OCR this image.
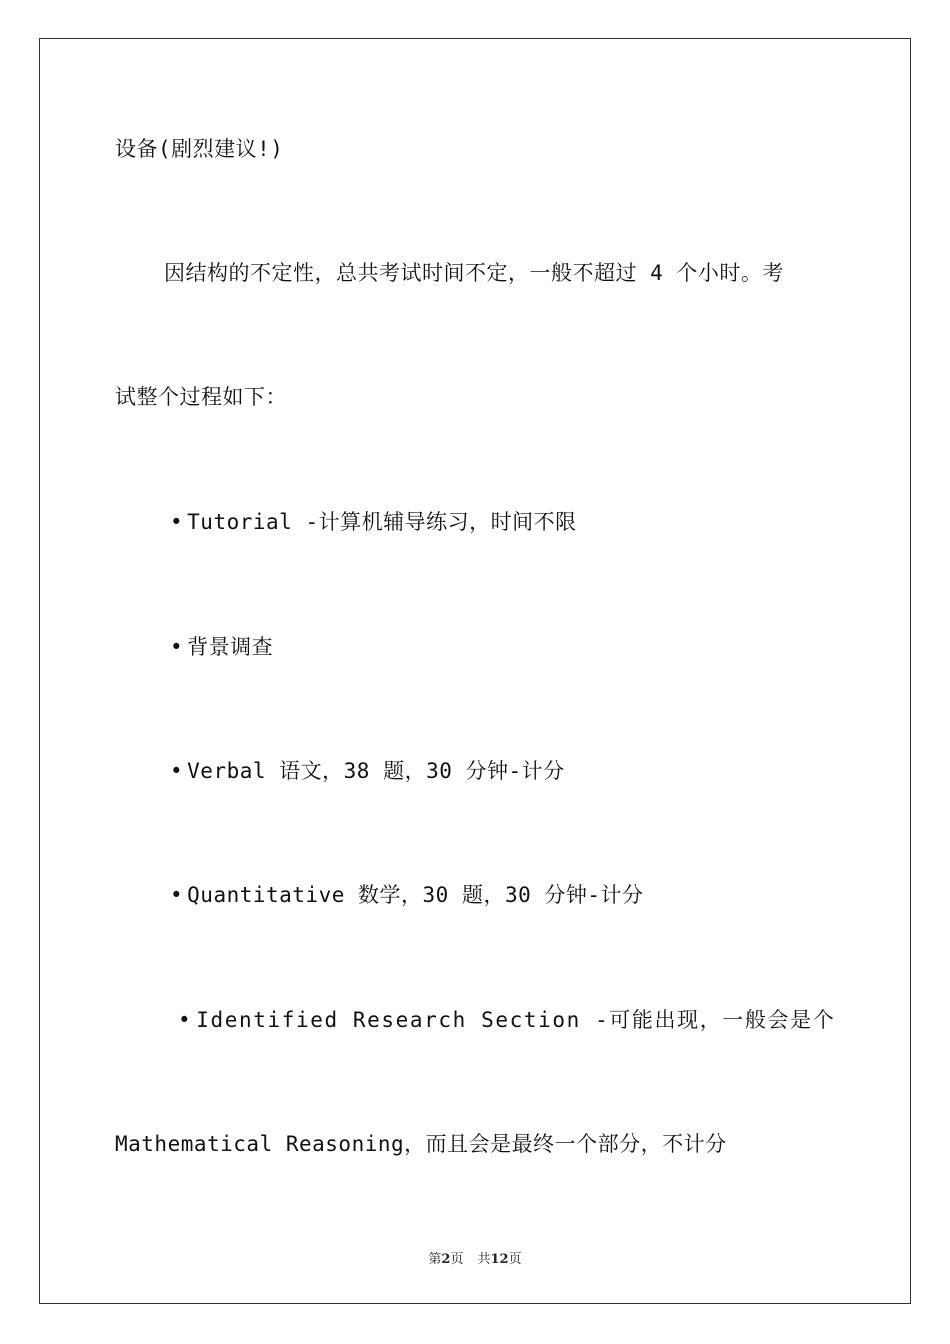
设备(剧烈建议!)
因结构的不定性，总共考试时间不定，一般不超过 4 个小时。考
试整个过程如下：
• Tutorial -计算机辅导练习，时间不限
• 背景调查
• Verbal 语文，38 题，30 分钟-计分
• Quantitative 数学，30 题，30 分钟-计分
• Identified Research Section -可能出现，一般会是个
Mathematical Reasoning，而且会是最终一个部分，不计分
第2页 共12页
